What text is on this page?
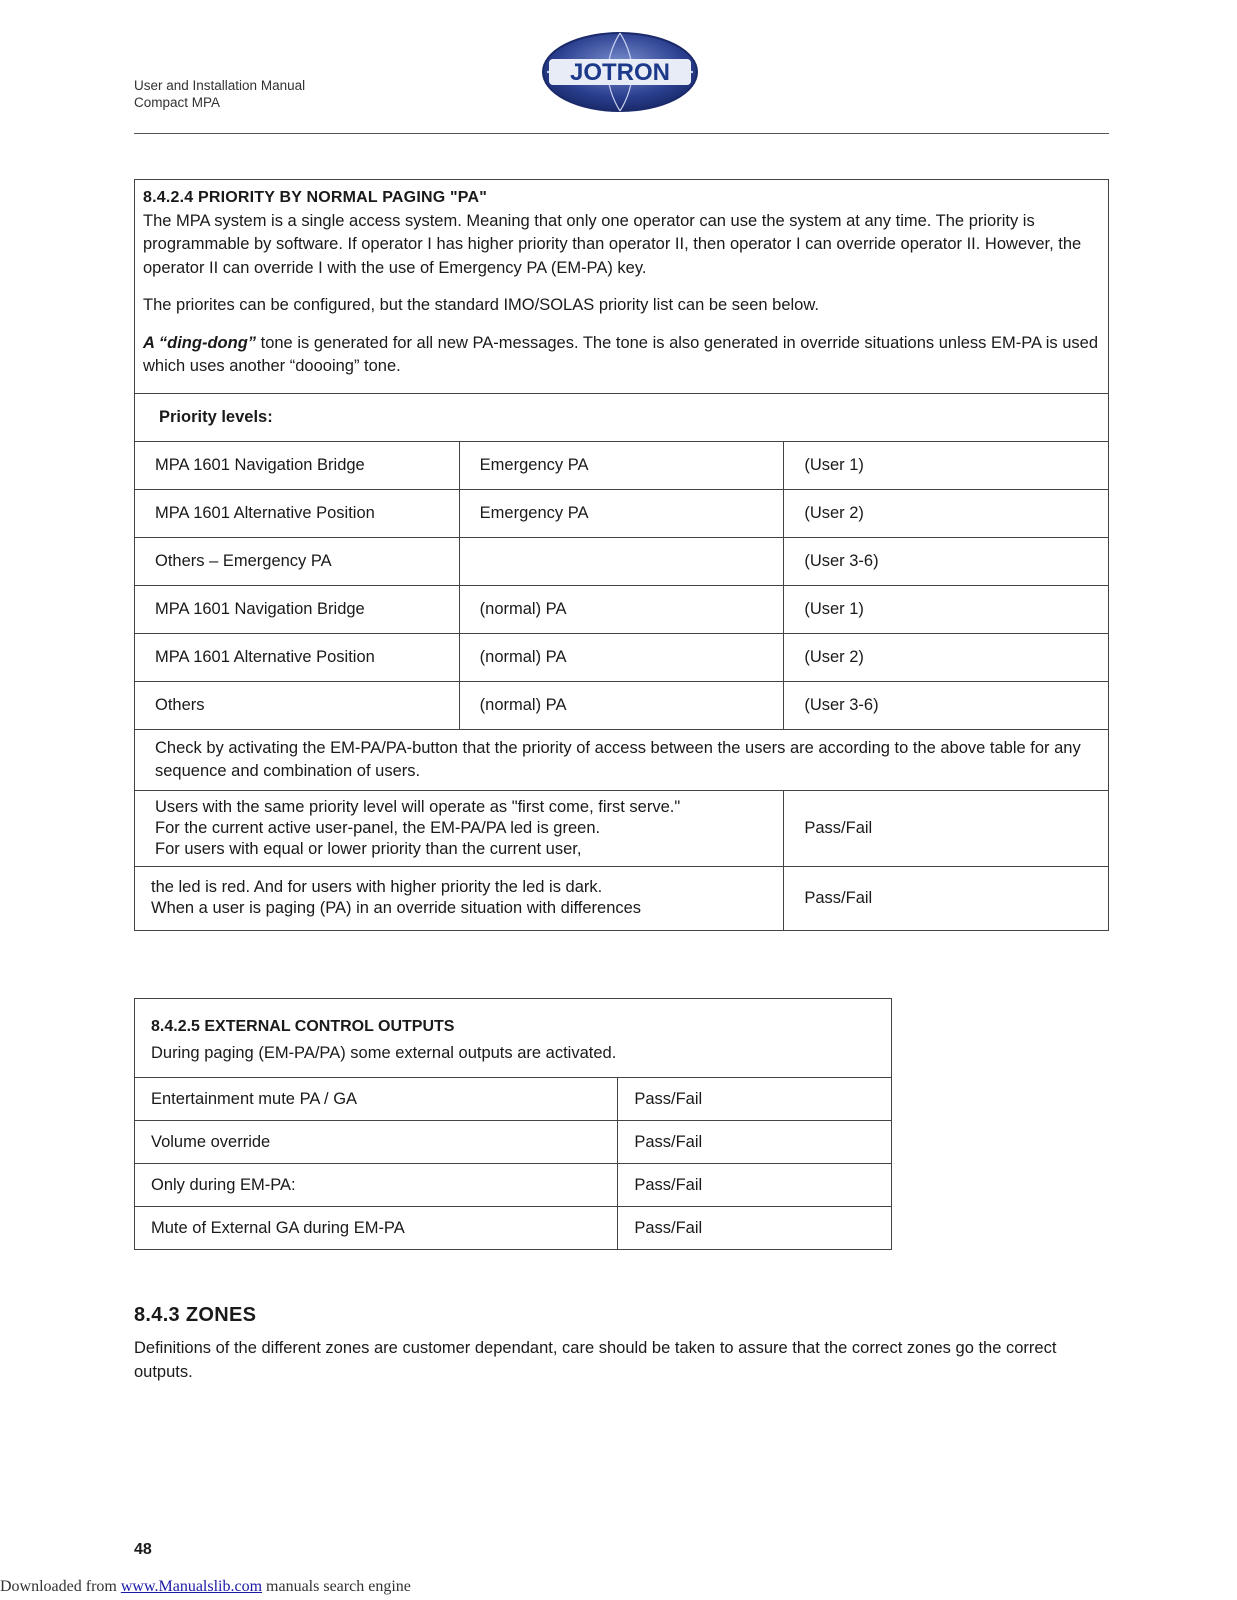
User and Installation Manual
Compact MPA
JOTRON
8.4.2.4 PRIORITY BY NORMAL PAGING "PA"

The MPA system is a single access system. Meaning that only one operator can use the system at any time. The priority is programmable by software. If operator I has higher priority than operator II, then operator I can override operator II. However, the operator II can override I with the use of Emergency PA (EM-PA) key.

The priorites can be configured, but the standard IMO/SOLAS priority list can be seen below.

A “ding-dong” tone is generated for all new PA-messages. The tone is also generated in override situations unless EM-PA is used which uses another “doooing” tone.		

Priority levels:		
MPA 1601 Navigation Bridge	Emergency PA	(User 1)
MPA 1601 Alternative Position	Emergency PA	(User 2)
Others – Emergency PA		(User 3-6)
MPA 1601 Navigation Bridge	(normal) PA	(User 1)
MPA 1601 Alternative Position	(normal) PA	(User 2)
Others	(normal) PA	(User 3-6)
Check by activating the EM-PA/PA-button that the priority of access between the users are according to the above table for any sequence and combination of users.		

Users with the same priority level will operate as "first come, first serve."
For the current active user-panel, the EM-PA/PA led is green.
For users with equal or lower priority than the current user,		Pass/Fail

the led is red. And for users with higher priority the led is dark.
When a user is paging (PA) in an override situation with differences		Pass/Fail
8.4.2.5 EXTERNAL CONTROL OUTPUTS
During paging (EM-PA/PA) some external outputs are activated.	

Entertainment mute PA / GA	Pass/Fail
Volume override	Pass/Fail
Only during EM-PA:	Pass/Fail
Mute of External GA during EM-PA	Pass/Fail
8.4.3 ZONES
Definitions of the different zones are customer dependant, care should be taken to assure that the correct zones go the correct outputs.
48
Downloaded from www.Manualslib.com manuals search engine
